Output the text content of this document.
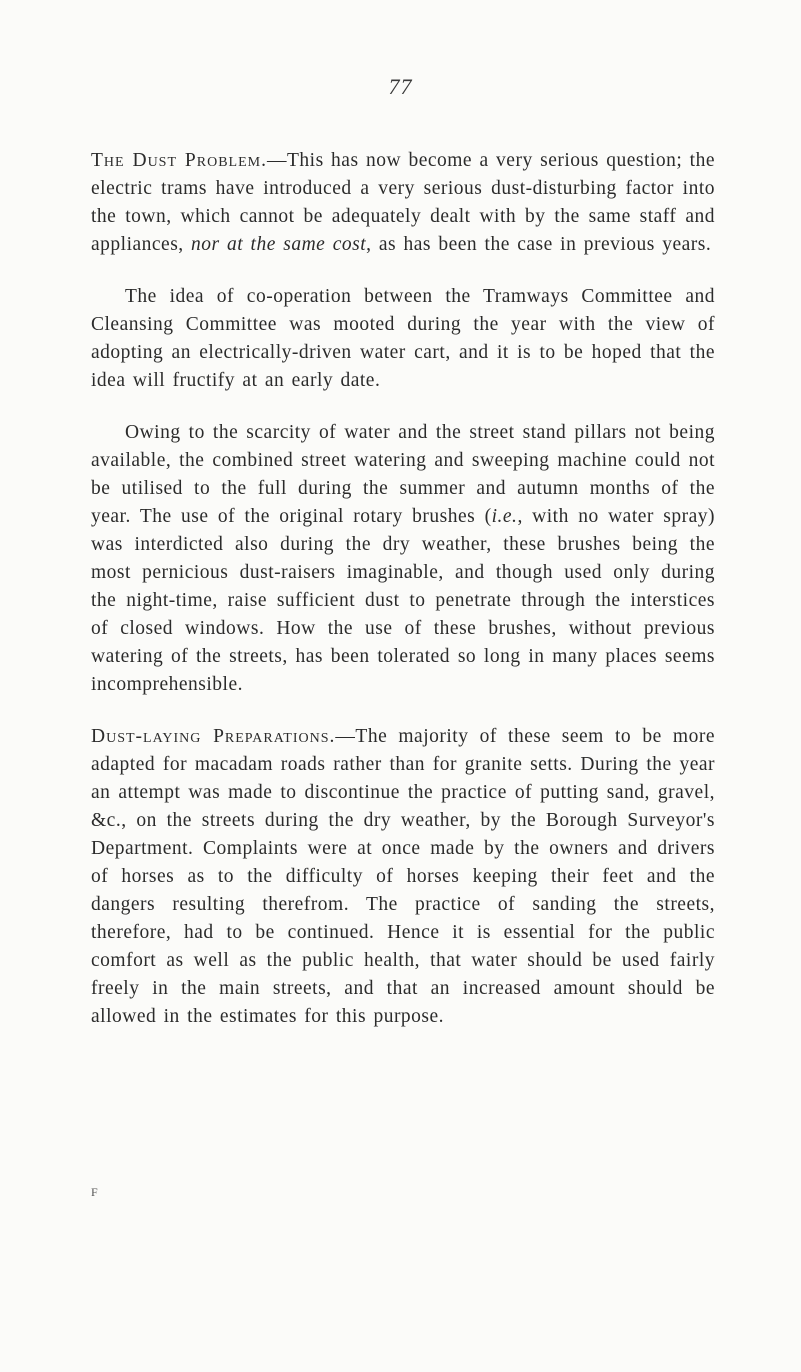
77

The Dust Problem.—This has now become a very serious question; the electric trams have introduced a very serious dust-disturbing factor into the town, which cannot be adequately dealt with by the same staff and appliances, nor at the same cost, as has been the case in previous years.

The idea of co-operation between the Tramways Committee and Cleansing Committee was mooted during the year with the view of adopting an electrically-driven water cart, and it is to be hoped that the idea will fructify at an early date.

Owing to the scarcity of water and the street stand pillars not being available, the combined street watering and sweeping machine could not be utilised to the full during the summer and autumn months of the year. The use of the original rotary brushes (i.e., with no water spray) was interdicted also during the dry weather, these brushes being the most pernicious dust-raisers imaginable, and though used only during the night-time, raise sufficient dust to penetrate through the interstices of closed windows. How the use of these brushes, without previous watering of the streets, has been tolerated so long in many places seems incomprehensible.

Dust-laying Preparations.—The majority of these seem to be more adapted for macadam roads rather than for granite setts. During the year an attempt was made to discontinue the practice of putting sand, gravel, &c., on the streets during the dry weather, by the Borough Surveyor's Department. Complaints were at once made by the owners and drivers of horses as to the difficulty of horses keeping their feet and the dangers resulting therefrom. The practice of sanding the streets, therefore, had to be continued. Hence it is essential for the public comfort as well as the public health, that water should be used fairly freely in the main streets, and that an increased amount should be allowed in the estimates for this purpose.

F
